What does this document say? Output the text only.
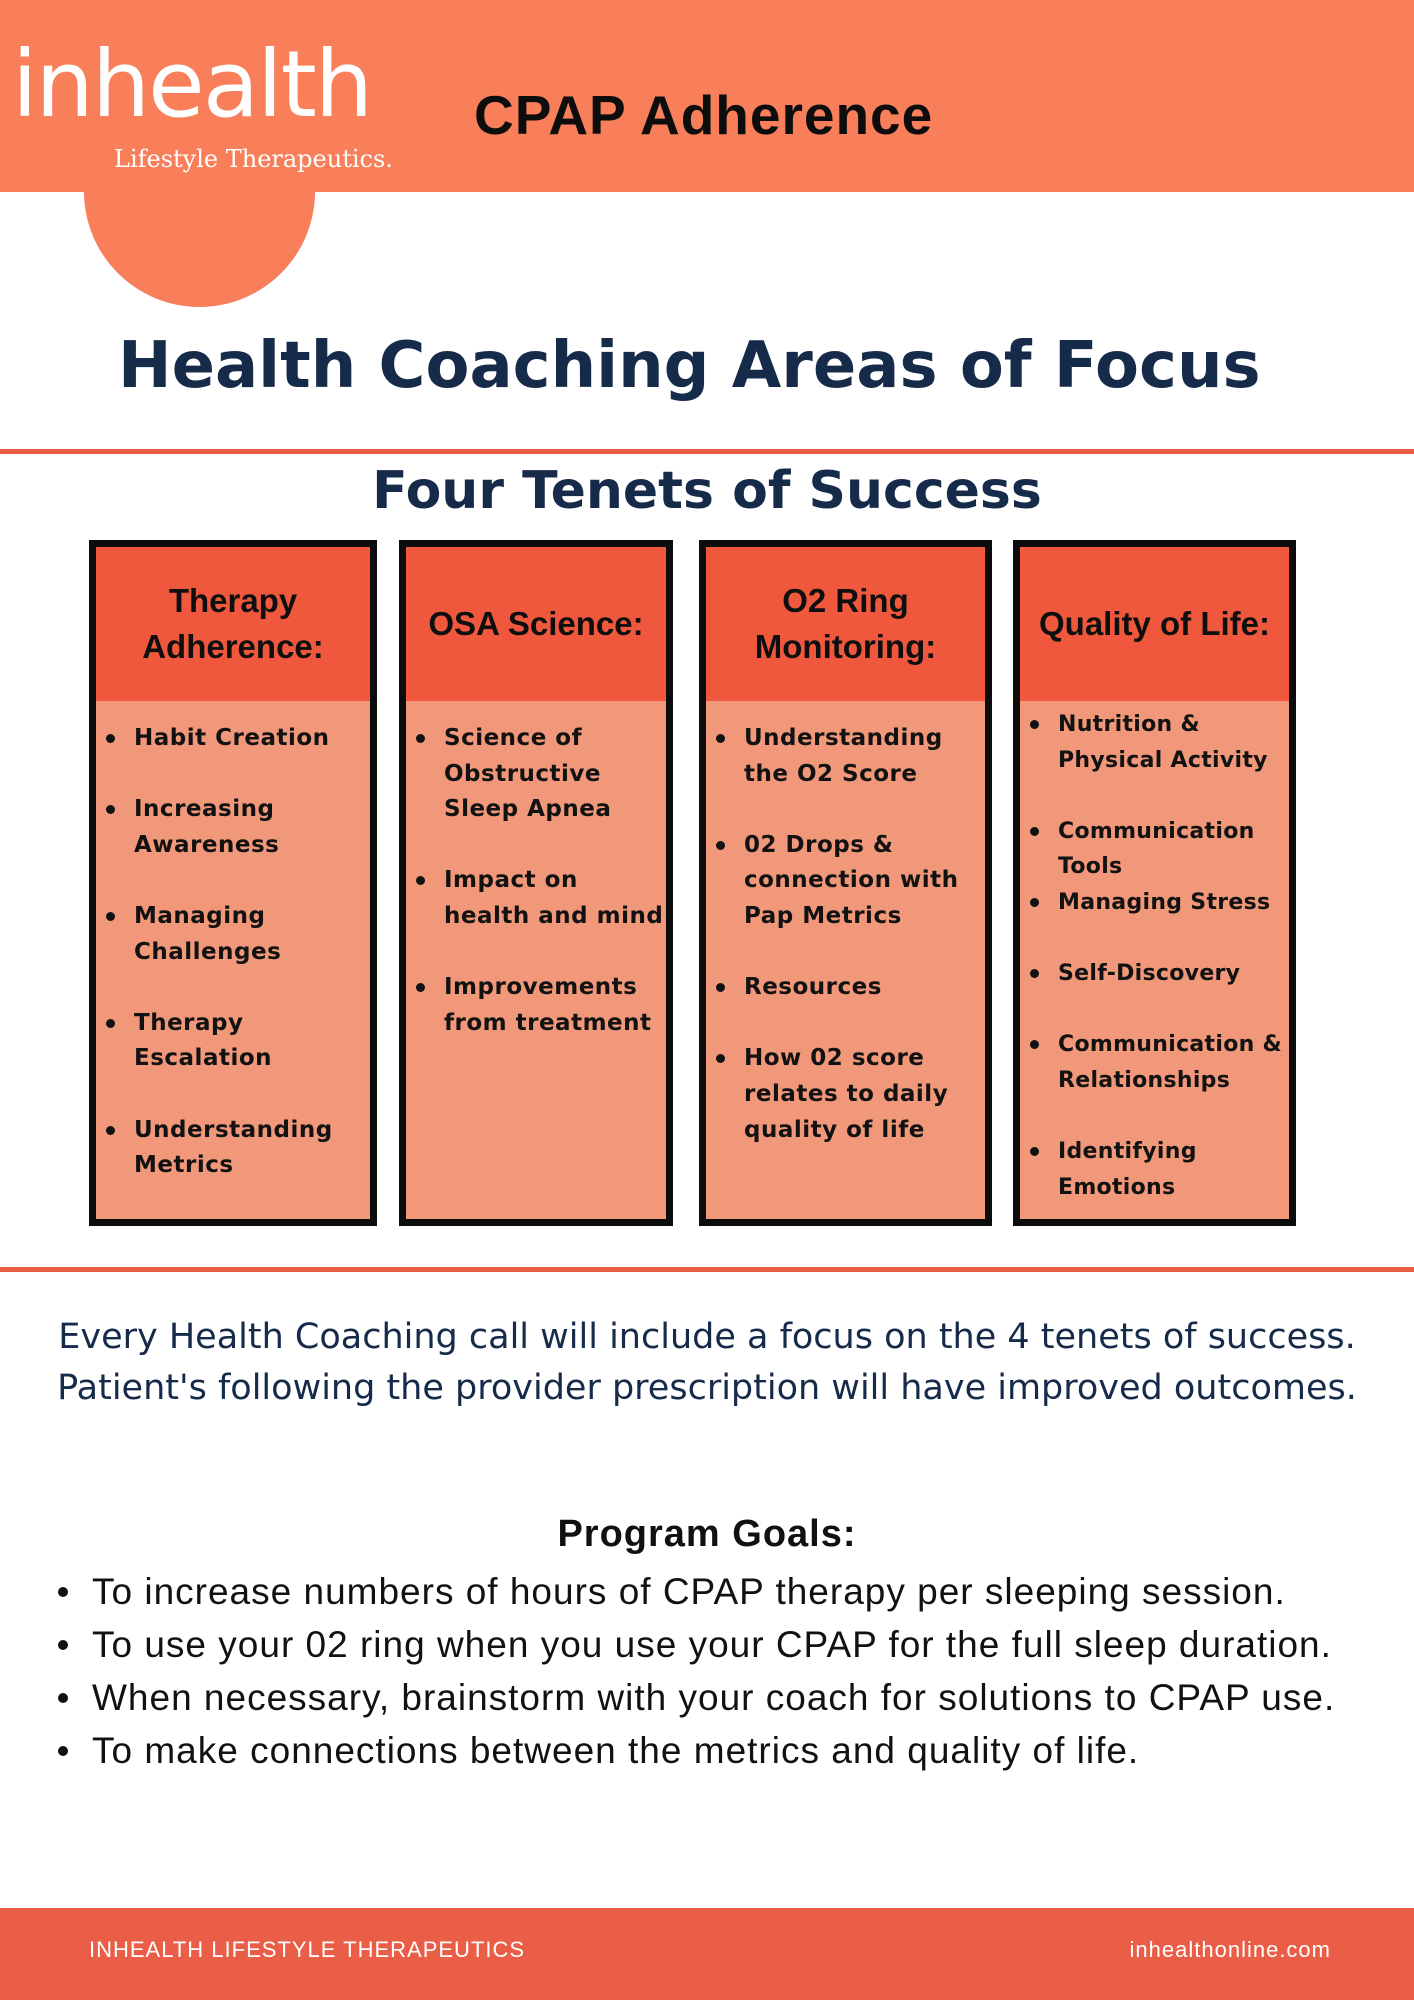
inhealth
Lifestyle Therapeutics.
CPAP Adherence
Health Coaching Areas of Focus
Four Tenets of Success
Therapy Adherence:
Habit Creation
Increasing Awareness
Managing Challenges
Therapy Escalation
Understanding Metrics
OSA Science:
Science of Obstructive Sleep Apnea
Impact on health and mind
Improvements from treatment
O2 Ring Monitoring:
Understanding the O2 Score
02 Drops & connection with Pap Metrics
Resources
How 02 score relates to daily quality of life
Quality of Life:
Nutrition & Physical Activity
Communication Tools
Managing Stress
Self-Discovery
Communication & Relationships
Identifying Emotions

Every Health Coaching call will include a focus on the 4 tenets of success.

Patient's following the provider prescription will have improved outcomes.

Program Goals:
To increase numbers of hours of CPAP therapy per sleeping session.
To use your 02 ring when you use your CPAP for the full sleep duration.
When necessary, brainstorm with your coach for solutions to CPAP use.
To make connections between the metrics and quality of life.
INHEALTH LIFESTYLE THERAPEUTICS	inhealthonline.com
